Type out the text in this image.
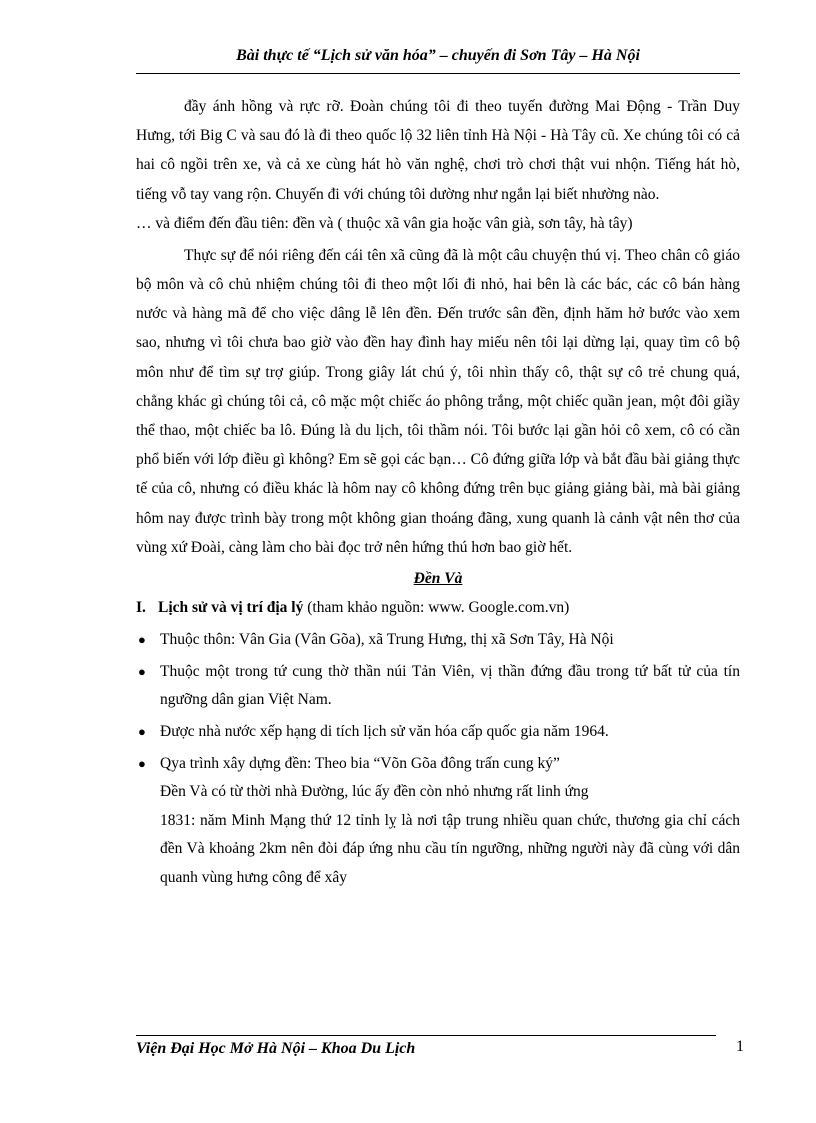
Bài thực tế “Lịch sử văn hóa” – chuyến đi Sơn Tây – Hà Nội

đầy ánh hồng và rực rỡ. Đoàn chúng tôi đi theo tuyến đường Mai Động - Trần Duy Hưng, tới Big C và sau đó là đi theo quốc lộ 32 liên tỉnh Hà Nội - Hà Tây cũ. Xe chúng tôi có cả hai cô ngồi trên xe, và cả xe cùng hát hò văn nghệ, chơi trò chơi thật vui nhộn. Tiếng hát hò, tiếng vỗ tay vang rộn. Chuyến đi với chúng tôi dường như ngắn lại biết nhường nào.

… và điểm đến đầu tiên: đền và ( thuộc xã vân gia hoặc vân già, sơn tây, hà tây)

Thực sự để nói riêng đến cái tên xã cũng đã là một câu chuyện thú vị. Theo chân cô giáo bộ môn và cô chủ nhiệm chúng tôi đi theo một lối đi nhỏ, hai bên là các bác, các cô bán hàng nước và hàng mã để cho việc dâng lễ lên đền. Đến trước sân đền, định hăm hở bước vào xem sao, nhưng vì tôi chưa bao giờ vào đền hay đình hay miếu nên tôi lại dừng lại, quay tìm cô bộ môn như để tìm sự trợ giúp. Trong giây lát chú ý, tôi nhìn thấy cô, thật sự cô trẻ chung quá, chẳng khác gì chúng tôi cả, cô mặc một chiếc áo phông trắng, một chiếc quần jean, một đôi giầy thể thao, một chiếc ba lô. Đúng là du lịch, tôi thầm nói. Tôi bước lại gần hỏi cô xem, cô có cần phổ biến với lớp điều gì không? Em sẽ gọi các bạn… Cô đứng giữa lớp và bắt đầu bài giảng thực tế của cô, nhưng có điều khác là hôm nay cô không đứng trên bục giảng giảng bài, mà bài giảng hôm nay được trình bày trong một không gian thoáng đãng, xung quanh là cảnh vật nên thơ của vùng xứ Đoài, càng làm cho bài đọc trở nên hứng thú hơn bao giờ hết.

Đền Và
I. Lịch sử và vị trí địa lý (tham khảo nguồn: www. Google.com.vn)
● Thuộc thôn: Vân Gia (Vân Gõa), xã Trung Hưng, thị xã Sơn Tây, Hà Nội
● Thuộc một trong tứ cung thờ thần núi Tản Viên, vị thần đứng đầu trong tứ bất tử của tín ngưỡng dân gian Việt Nam.
● Được nhà nước xếp hạng di tích lịch sử văn hóa cấp quốc gia năm 1964.
● Qya trình xây dựng đền: Theo bia “Võn Gõa đông trấn cung ký”

Đền Và có từ thời nhà Đường, lúc ấy đền còn nhỏ nhưng rất linh ứng

1831: năm Minh Mạng thứ 12 tỉnh lỵ là nơi tập trung nhiều quan chức, thương gia chỉ cách đền Và khoảng 2km nên đòi đáp ứng nhu cầu tín ngưỡng, những người này đã cùng với dân quanh vùng hưng công để xây

Viện Đại Học Mở Hà Nội – Khoa Du Lịch	1
